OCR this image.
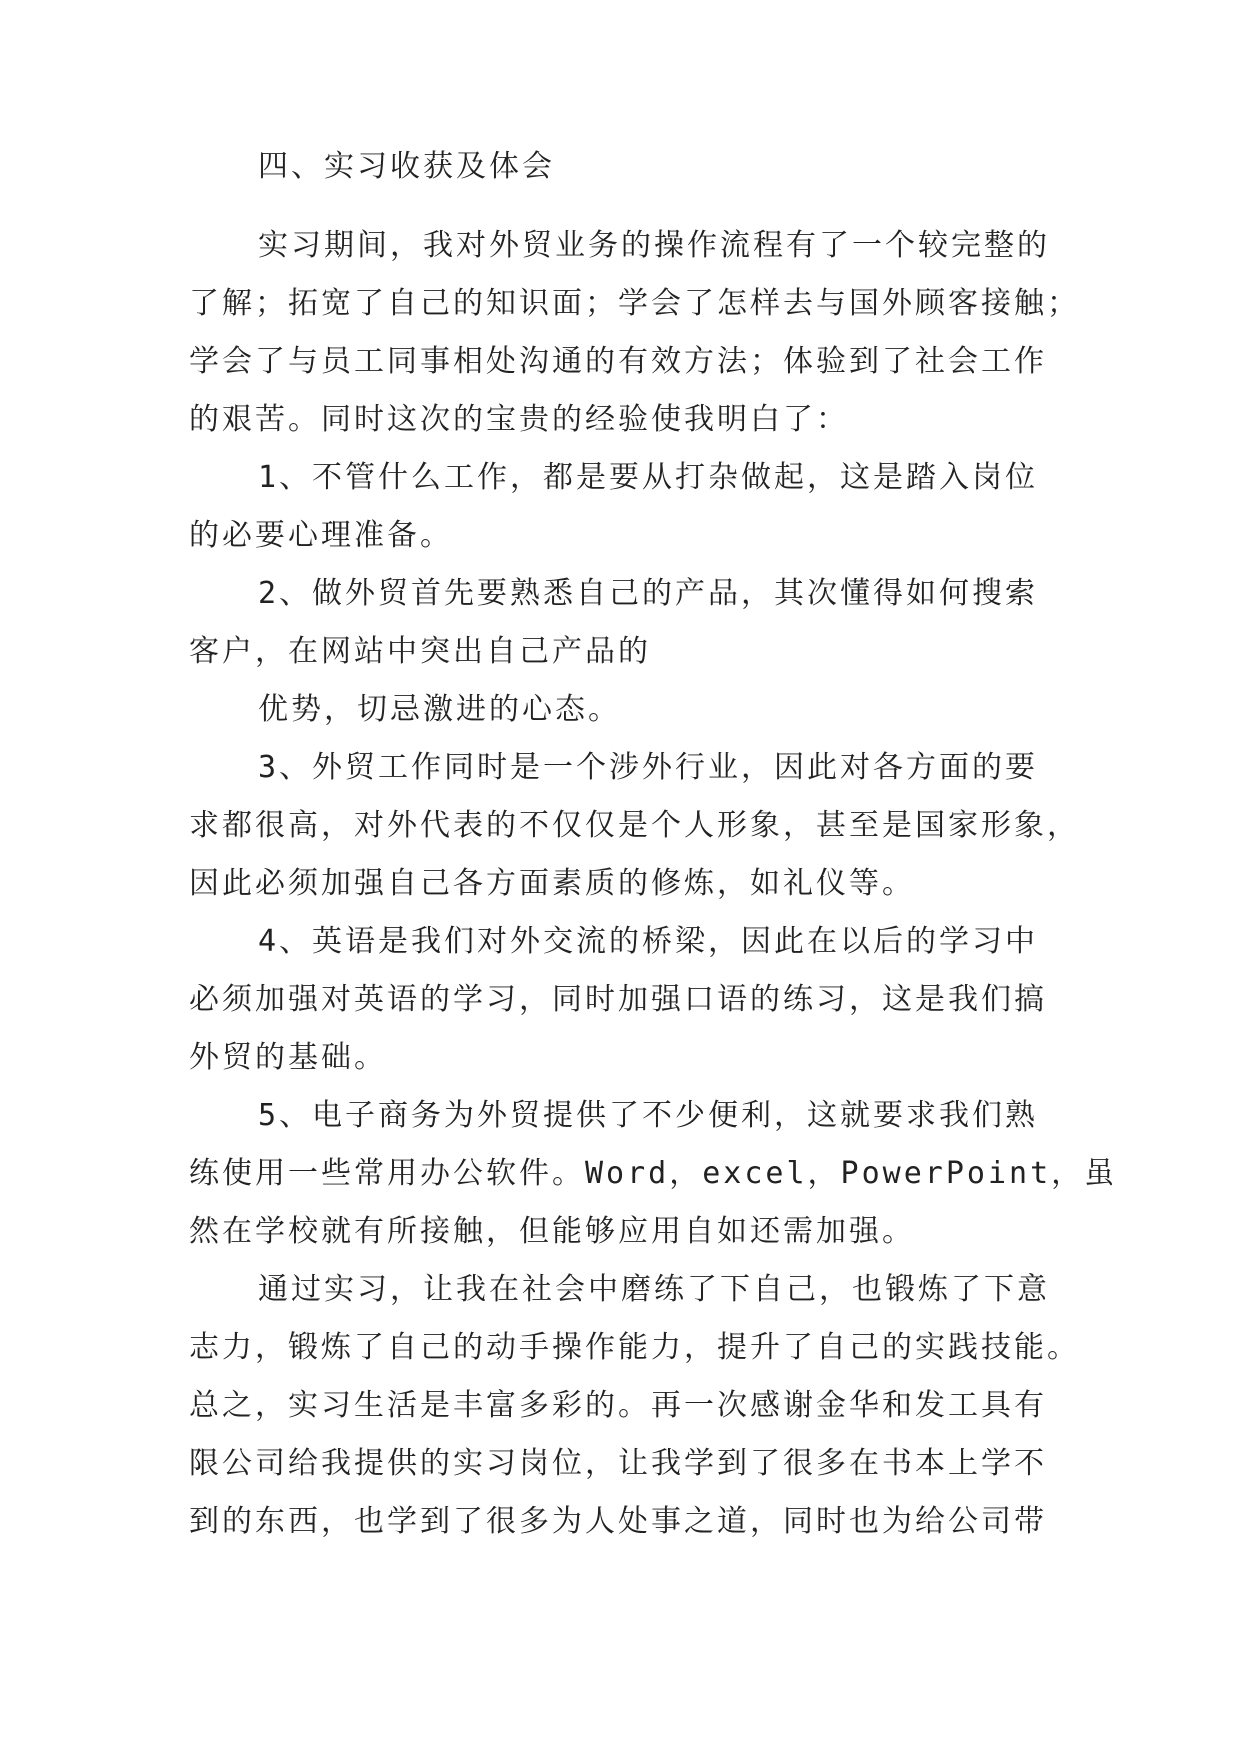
四、实习收获及体会
实习期间，我对外贸业务的操作流程有了一个较完整的
了解；拓宽了自己的知识面；学会了怎样去与国外顾客接触；
学会了与员工同事相处沟通的有效方法；体验到了社会工作
的艰苦。同时这次的宝贵的经验使我明白了：
1、不管什么工作，都是要从打杂做起，这是踏入岗位
的必要心理准备。
2、做外贸首先要熟悉自己的产品，其次懂得如何搜索
客户，在网站中突出自己产品的
优势，切忌激进的心态。
3、外贸工作同时是一个涉外行业，因此对各方面的要
求都很高，对外代表的不仅仅是个人形象，甚至是国家形象，
因此必须加强自己各方面素质的修炼，如礼仪等。
4、英语是我们对外交流的桥梁，因此在以后的学习中
必须加强对英语的学习，同时加强口语的练习，这是我们搞
外贸的基础。
5、电子商务为外贸提供了不少便利，这就要求我们熟
练使用一些常用办公软件。Word，excel，PowerPoint，虽
然在学校就有所接触，但能够应用自如还需加强。
通过实习，让我在社会中磨练了下自己，也锻炼了下意
志力，锻炼了自己的动手操作能力，提升了自己的实践技能。
总之，实习生活是丰富多彩的。再一次感谢金华和发工具有
限公司给我提供的实习岗位，让我学到了很多在书本上学不
到的东西，也学到了很多为人处事之道，同时也为给公司带
